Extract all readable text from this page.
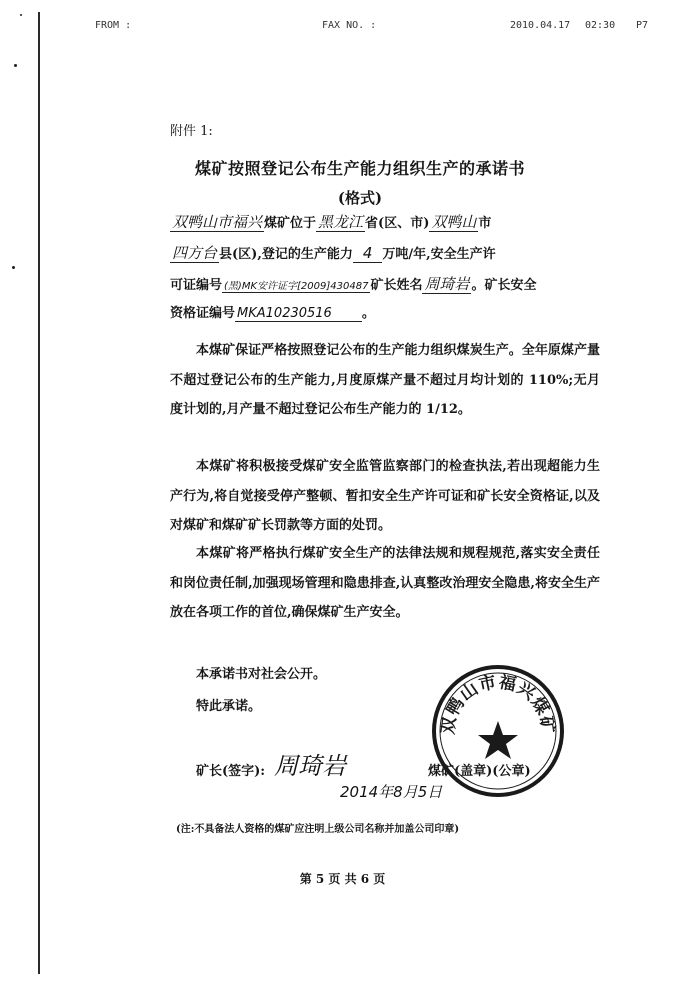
FROM :	FAX NO. :	2010.04.17 02:30 P7
附件 1:
煤矿按照登记公布生产能力组织生产的承诺书
(格式)
双鸭山市福兴 煤矿位于 黑龙江 省(区、市) 双鸭山 市
四方台 县(区),登记的生产能力 4 万吨/年,安全生产许
可证编号 (黑)MK安许证字[2009]430487 矿长姓名 周琦岩 。矿长安全
资格证编号 MKA10230516 。
本煤矿保证严格按照登记公布的生产能力组织煤炭生产。全年原煤产量不超过登记公布的生产能力,月度原煤产量不超过月均计划的 110%;无月度计划的,月产量不超过登记公布生产能力的 1/12。
本煤矿将积极接受煤矿安全监管监察部门的检查执法,若出现超能力生产行为,将自觉接受停产整顿、暂扣安全生产许可证和矿长安全资格证,以及对煤矿和煤矿矿长罚款等方面的处罚。
本煤矿将严格执行煤矿安全生产的法律法规和规程规范,落实安全责任和岗位责任制,加强现场管理和隐患排查,认真整改治理安全隐患,将安全生产放在各项工作的首位,确保煤矿生产安全。
本承诺书对社会公开。
特此承诺。
矿长(签字): 周琦岩	煤矿(盖章)(公章)
2014年8月5日
双鸭山市福兴煤矿
(注:不具备法人资格的煤矿应注明上级公司名称并加盖公司印章)
第 5 页 共 6 页
